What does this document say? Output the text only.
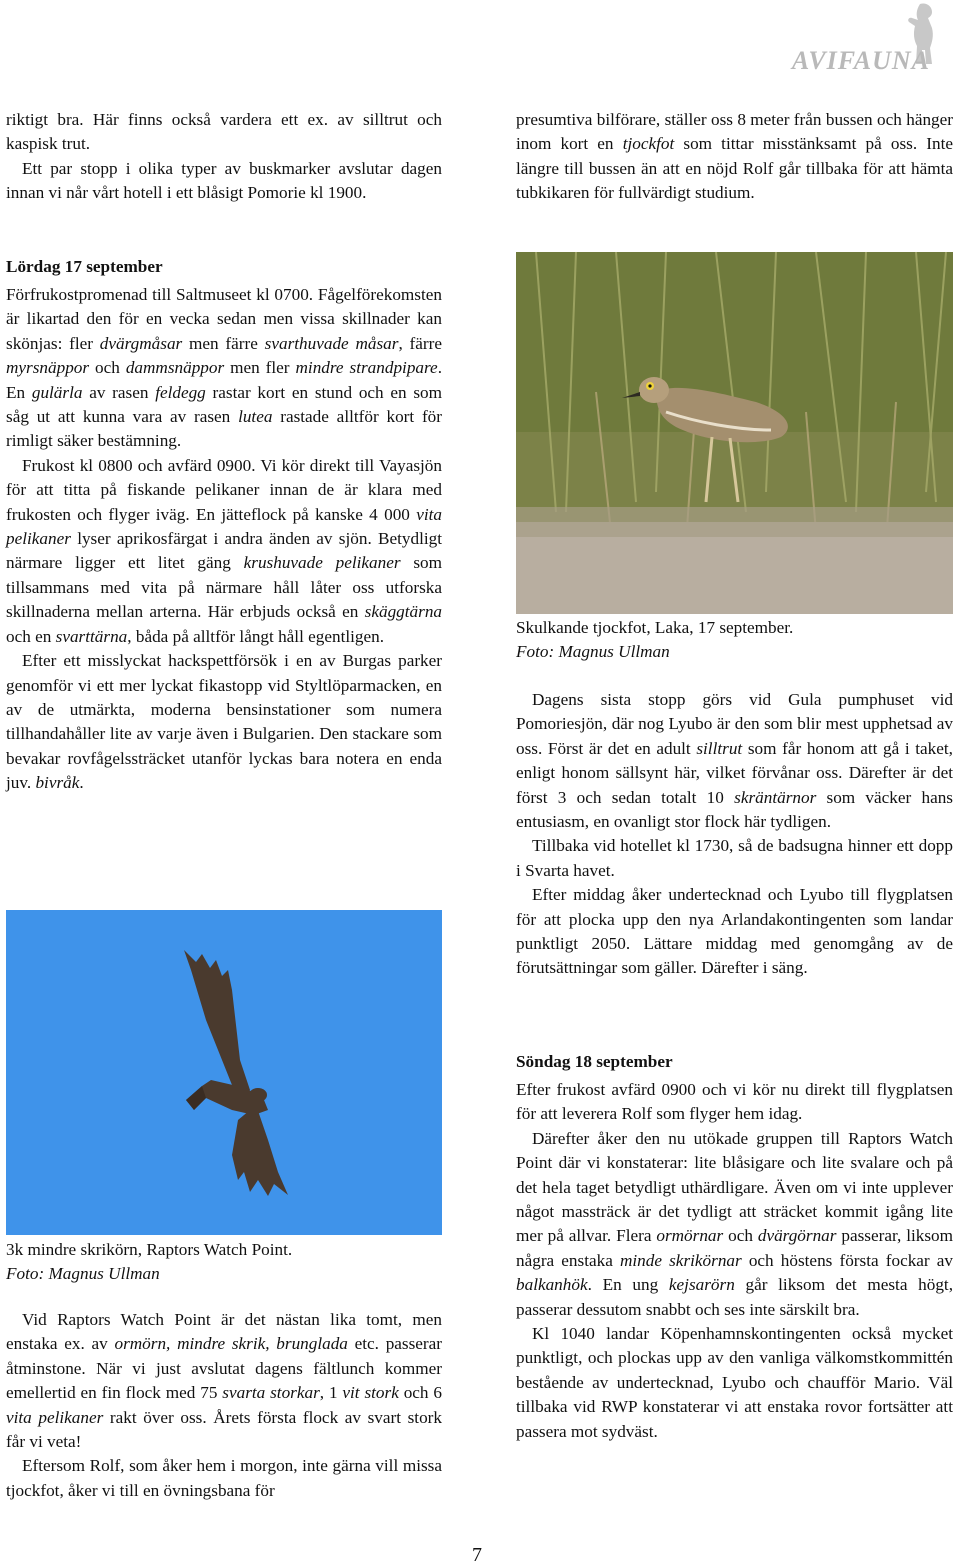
AVIFAUNA

riktigt bra. Här finns också vardera ett ex. av silltrut och kaspisk trut.

Ett par stopp i olika typer av buskmarker avslutar dagen innan vi når vårt hotell i ett blåsigt Pomorie kl 1900.

Lördag 17 september

Förfrukostpromenad till Saltmuseet kl 0700. Fågelförekomsten är likartad den för en vecka sedan men vissa skillnader kan skönjas: fler dvärgmåsar men färre svarthuvade måsar, färre myrsnäppor och dammsnäppor men fler mindre strandpipare. En gulärla av rasen feldegg rastar kort en stund och en som såg ut att kunna vara av rasen lutea rastade alltför kort för rimligt säker bestämning.

Frukost kl 0800 och avfärd 0900. Vi kör direkt till Vayasjön för att titta på fiskande pelikaner innan de är klara med frukosten och flyger iväg. En jätteflock på kanske 4 000 vita pelikaner lyser aprikosfärgat i andra änden av sjön. Betydligt närmare ligger ett litet gäng krushuvade pelikaner som tillsammans med vita på närmare håll låter oss utforska skillnaderna mellan arterna. Här erbjuds också en skäggtärna och en svarttärna, båda på alltför långt håll egentligen.

Efter ett misslyckat hackspettförsök i en av Burgas parker genomför vi ett mer lyckat fikastopp vid Styltlöparmacken, en av de utmärkta, moderna bensinstationer som numera tillhandahåller lite av varje även i Bulgarien. Den stackare som bevakar rovfågelssträcket utanför lyckas bara notera en enda juv. bivråk.

3k mindre skrikörn, Raptors Watch Point.
Foto: Magnus Ullman

Vid Raptors Watch Point är det nästan lika tomt, men enstaka ex. av ormörn, mindre skrik, brunglada etc. passerar åtminstone. När vi just avslutat dagens fältlunch kommer emellertid en fin flock med 75 svarta storkar, 1 vit stork och 6 vita pelikaner rakt över oss. Årets första flock av svart stork får vi veta!

Eftersom Rolf, som åker hem i morgon, inte gärna vill missa tjockfot, åker vi till en övningsbana för

presumtiva bilförare, ställer oss 8 meter från bussen och hänger inom kort en tjockfot som tittar misstänksamt på oss. Inte längre till bussen än att en nöjd Rolf går tillbaka för att hämta tubkikaren för fullvärdigt studium.

Skulkande tjockfot, Laka, 17 september.
Foto: Magnus Ullman

Dagens sista stopp görs vid Gula pumphuset vid Pomoriesjön, där nog Lyubo är den som blir mest upphetsad av oss. Först är det en adult silltrut som får honom att gå i taket, enligt honom sällsynt här, vilket förvånar oss. Därefter är det först 3 och sedan totalt 10 skräntärnor som väcker hans entusiasm, en ovanligt stor flock här tydligen.

Tillbaka vid hotellet kl 1730, så de badsugna hinner ett dopp i Svarta havet.

Efter middag åker undertecknad och Lyubo till flygplatsen för att plocka upp den nya Arlandakontingenten som landar punktligt 2050. Lättare middag med genomgång av de förutsättningar som gäller. Därefter i säng.

Söndag 18 september

Efter frukost avfärd 0900 och vi kör nu direkt till flygplatsen för att leverera Rolf som flyger hem idag.

Därefter åker den nu utökade gruppen till Raptors Watch Point där vi konstaterar: lite blåsigare och lite svalare och på det hela taget betydligt uthärdligare. Även om vi inte upplever något massträck är det tydligt att sträcket kommit igång lite mer på allvar. Flera ormörnar och dvärgörnar passerar, liksom några enstaka minde skrikörnar och höstens första fockar av balkanhök. En ung kejsarörn går liksom det mesta högt, passerar dessutom snabbt och ses inte särskilt bra.

Kl 1040 landar Köpenhamnskontingenten också mycket punktligt, och plockas upp av den vanliga välkomstkommittén bestående av undertecknad, Lyubo och chaufför Mario. Väl tillbaka vid RWP konstaterar vi att enstaka rovor fortsätter att passera mot sydväst.

7
